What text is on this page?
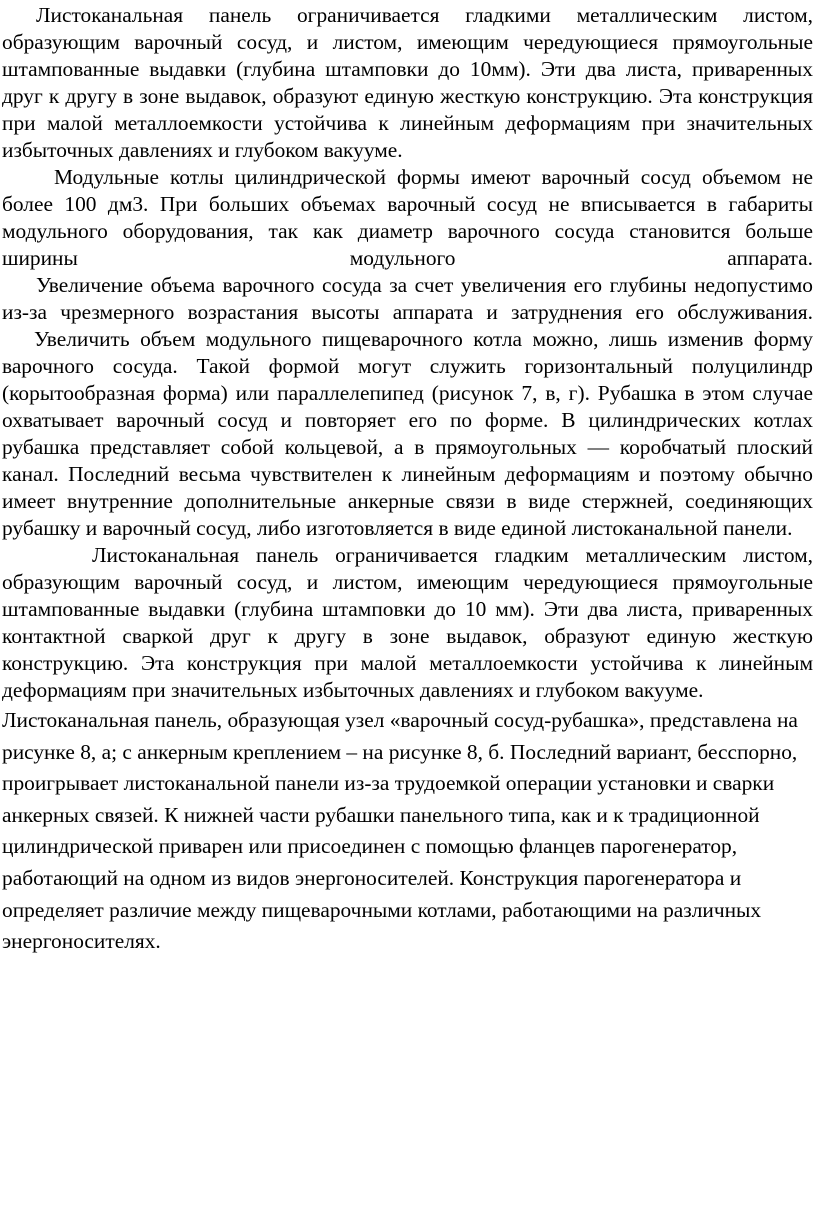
Листоканальная панель ограничивается гладкими металлическим листом, образующим варочный сосуд, и листом, имеющим чередующиеся прямоугольные штампованные выдавки (глубина штамповки до 10мм). Эти два листа, приваренных друг к другу в зоне выдавок, образуют единую жесткую конструкцию. Эта конструкция при малой металлоемкости устойчива к линейным деформациям при значительных избыточных давлениях и глубоком вакууме.

Модульные котлы цилиндрической формы имеют варочный сосуд объемом не более 100 дм3. При больших объемах варочный сосуд не вписывается в габариты модульного оборудования, так как диаметр варочного сосуда становится больше ширины модульного аппарата.

Увеличение объема варочного сосуда за счет увеличения его глубины недопустимо из-за чрезмерного возрастания высоты аппарата и затруднения его обслуживания.

Увеличить объем модульного пищеварочного котла можно, лишь изменив форму варочного сосуда. Такой формой могут служить горизонтальный полуцилиндр (корытообразная форма) или параллелепипед (рисунок 7, в, г). Рубашка в этом случае охватывает варочный сосуд и повторяет его по форме. В цилиндрических котлах рубашка представляет собой кольцевой, а в прямоугольных — коробчатый плоский канал. Последний весьма чувствителен к линейным деформациям и поэтому обычно имеет внутренние дополнительные анкерные связи в виде стержней, соединяющих рубашку и варочный сосуд, либо изготовляется в виде единой листоканальной панели.

Листоканальная панель ограничивается гладким металлическим листом, образующим варочный сосуд, и листом, имеющим чередующиеся прямоугольные штампованные выдавки (глубина штамповки до 10 мм). Эти два листа, приваренных контактной сваркой друг к другу в зоне выдавок, образуют единую жесткую конструкцию. Эта конструкция при малой металлоемкости устойчива к линейным деформациям при значительных избыточных давлениях и глубоком вакууме.

Листоканальная панель, образующая узел «варочный сосуд-рубашка», представлена на рисунке 8, а; с анкерным креплением – на рисунке 8, б. Последний вариант, бесспорно, проигрывает листоканальной панели из-за трудоемкой операции установки и сварки анкерных связей. К нижней части рубашки панельного типа, как и к традиционной цилиндрической приварен или присоединен с помощью фланцев парогенератор, работающий на одном из видов энергоносителей. Конструкция парогенератора и определяет различие между пищеварочными котлами, работающими на различных энергоносителях.
